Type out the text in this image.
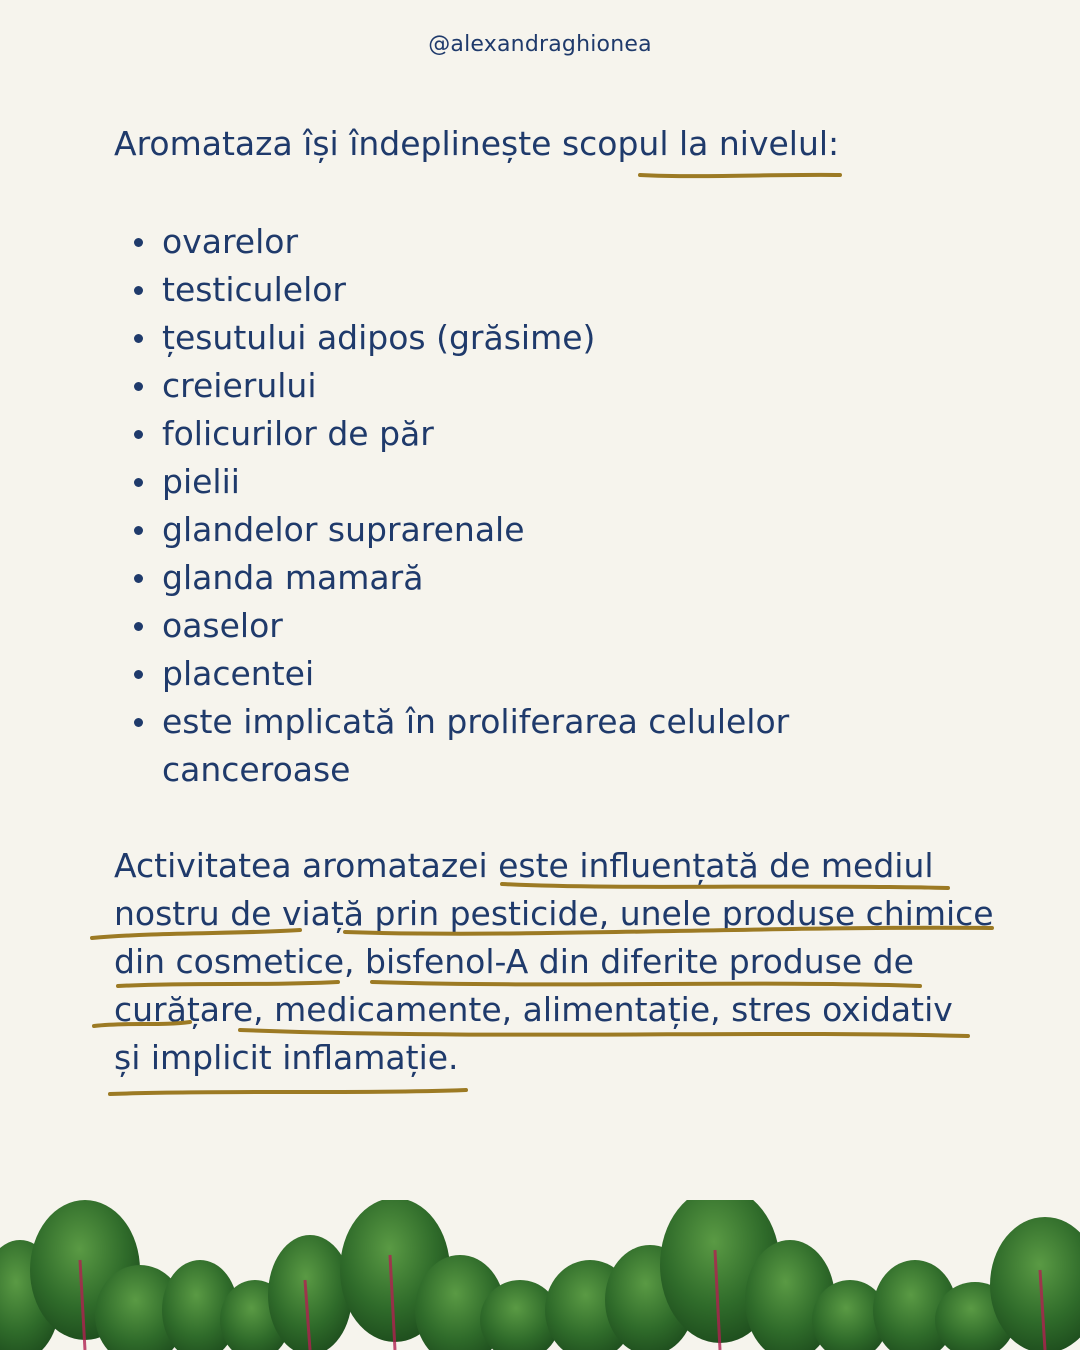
@alexandraghionea
Aromataza își îndeplinește scopul la nivelul:
ovarelor
testiculelor
țesutului adipos (grăsime)
creierului
folicurilor de păr
pielii
glandelor suprarenale
glanda mamară
oaselor
placentei
este implicată în proliferarea celulelor canceroase
Activitatea aromatazei este influențată de mediul
nostru de viață prin pesticide, unele produse chimice
din cosmetice, bisfenol-A din diferite produse de
curățare, medicamente, alimentație, stres oxidativ
și implicit inflamație.
